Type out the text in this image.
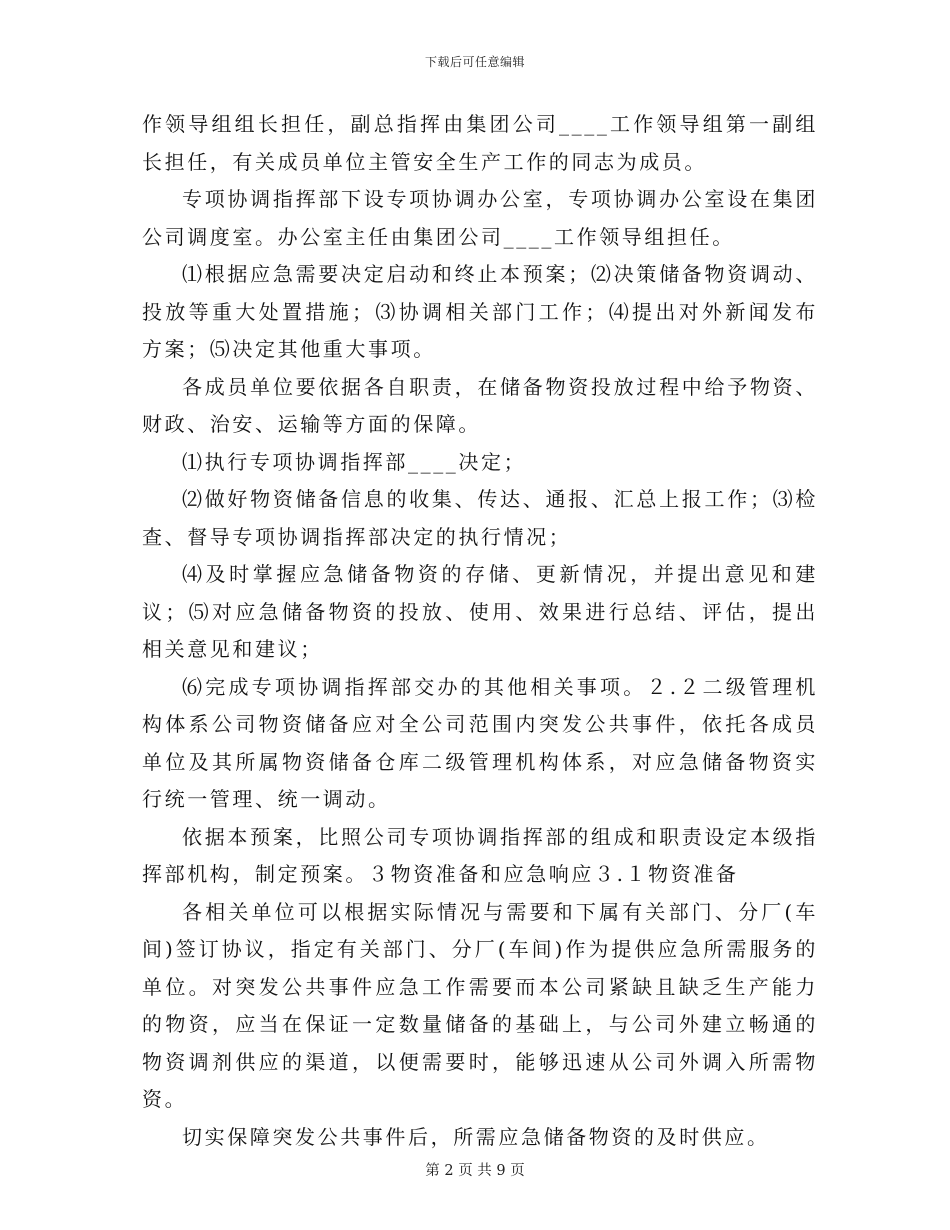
下载后可任意编辑

作领导组组长担任，副总指挥由集团公司____工作领导组第一副组长担任，有关成员单位主管安全生产工作的同志为成员。

专项协调指挥部下设专项协调办公室，专项协调办公室设在集团公司调度室。办公室主任由集团公司____工作领导组担任。

⑴根据应急需要决定启动和终止本预案；⑵决策储备物资调动、投放等重大处置措施；⑶协调相关部门工作；⑷提出对外新闻发布方案；⑸决定其他重大事项。

各成员单位要依据各自职责，在储备物资投放过程中给予物资、财政、治安、运输等方面的保障。

⑴执行专项协调指挥部____决定；

⑵做好物资储备信息的收集、传达、通报、汇总上报工作；⑶检查、督导专项协调指挥部决定的执行情况；

⑷及时掌握应急储备物资的存储、更新情况，并提出意见和建议；⑸对应急储备物资的投放、使用、效果进行总结、评估，提出相关意见和建议；

⑹完成专项协调指挥部交办的其他相关事项。２.２二级管理机构体系公司物资储备应对全公司范围内突发公共事件，依托各成员单位及其所属物资储备仓库二级管理机构体系，对应急储备物资实行统一管理、统一调动。

依据本预案，比照公司专项协调指挥部的组成和职责设定本级指挥部机构，制定预案。３物资准备和应急响应３.１物资准备

各相关单位可以根据实际情况与需要和下属有关部门、分厂(车间)签订协议，指定有关部门、分厂(车间)作为提供应急所需服务的单位。对突发公共事件应急工作需要而本公司紧缺且缺乏生产能力的物资，应当在保证一定数量储备的基础上，与公司外建立畅通的物资调剂供应的渠道，以便需要时，能够迅速从公司外调入所需物资。

切实保障突发公共事件后，所需应急储备物资的及时供应。

第 2 页 共 9 页
